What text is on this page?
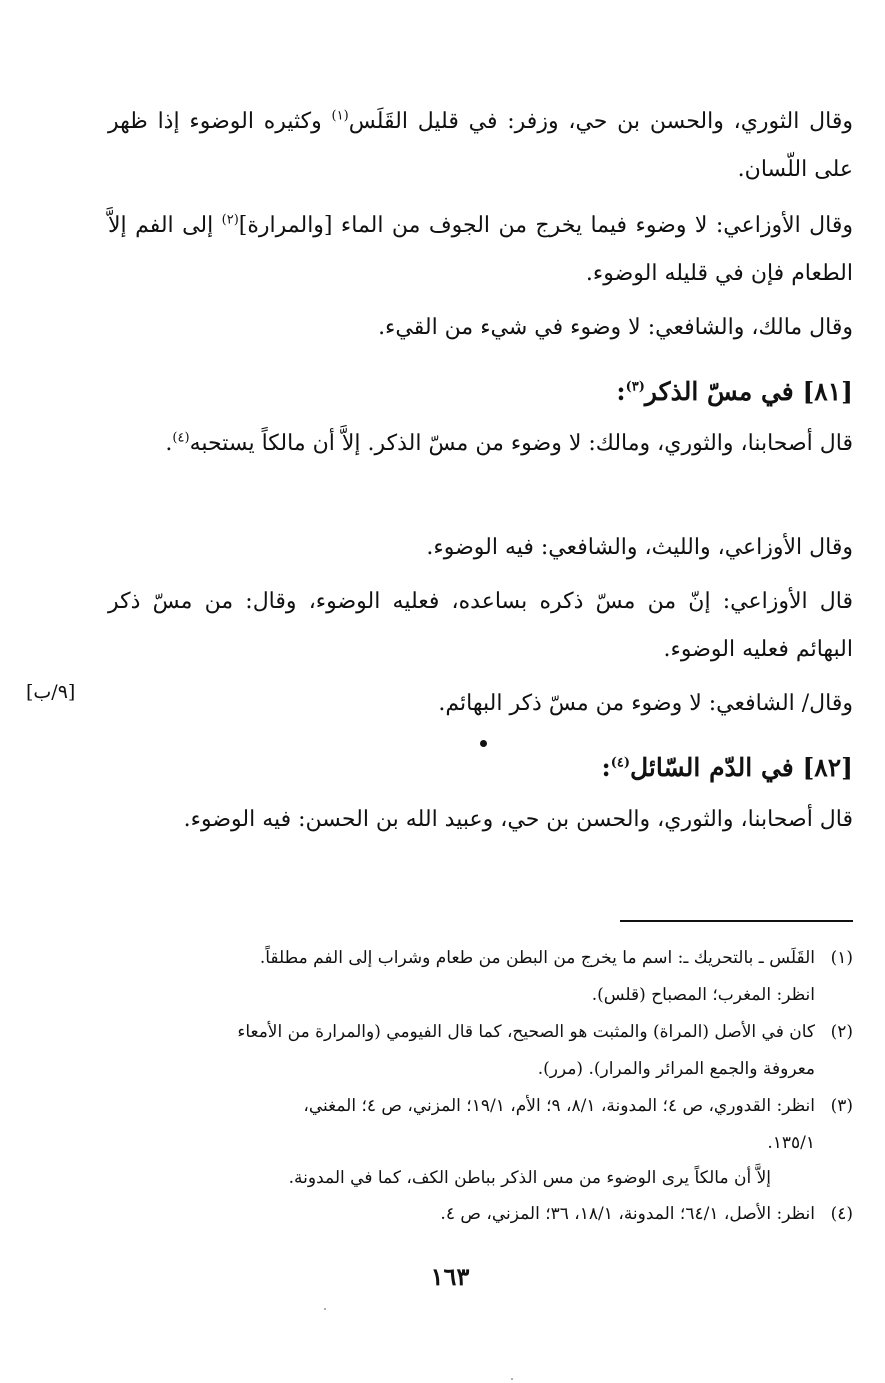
وقال الثوري، والحسن بن حي، وزفر: في قليل القَلَس$^{(١)}$ وكثيره الوضوء إذا ظهر على اللّسان.
وقال الأوزاعي: لا وضوء فيما يخرج من الجوف من الماء [والمرارة]$^{(٢)}$ إلى الفم إلاَّ الطعام فإن في قليله الوضوء.
وقال مالك، والشافعي: لا وضوء في شيء من القيء.
[٨١] في مسّ الذكر$^{(٣)}$:
قال أصحابنا، والثوري، ومالك: لا وضوء من مسّ الذكر. إلاَّ أن مالكاً يستحبه$^{(٤)}$.
وقال الأوزاعي، والليث، والشافعي: فيه الوضوء.
قال الأوزاعي: إنّ من مسّ ذكره بساعده، فعليه الوضوء، وقال: من مسّ ذكر البهائم فعليه الوضوء.
وقال/ الشافعي: لا وضوء من مسّ ذكر البهائم.
[٩/ب]
[٨٢] في الدّم السّائل$^{(٤)}$:
قال أصحابنا، والثوري، والحسن بن حي، وعبيد الله بن الحسن: فيه الوضوء.
(١)القَلَس ـ بالتحريك ـ: اسم ما يخرج من البطن من طعام وشراب إلى الفم مطلقاً.
انظر: المغرب؛ المصباح (قلس).
(٢)كان في الأصل (المراة) والمثبت هو الصحيح، كما قال الفيومي (والمرارة من الأمعاء
معروفة والجمع المرائر والمرار). (مرر).
(٣)انظر: القدوري، ص ٤؛ المدونة، ٨/١، ٩؛ الأم، ١٩/١؛ المزني، ص ٤؛ المغني،
١٣٥/١.
إلاَّ أن مالكاً يرى الوضوء من مس الذكر بباطن الكف، كما في المدونة.
(٤)انظر: الأصل، ٦٤/١؛ المدونة، ١٨/١، ٣٦؛ المزني، ص ٤.
١٦٣
